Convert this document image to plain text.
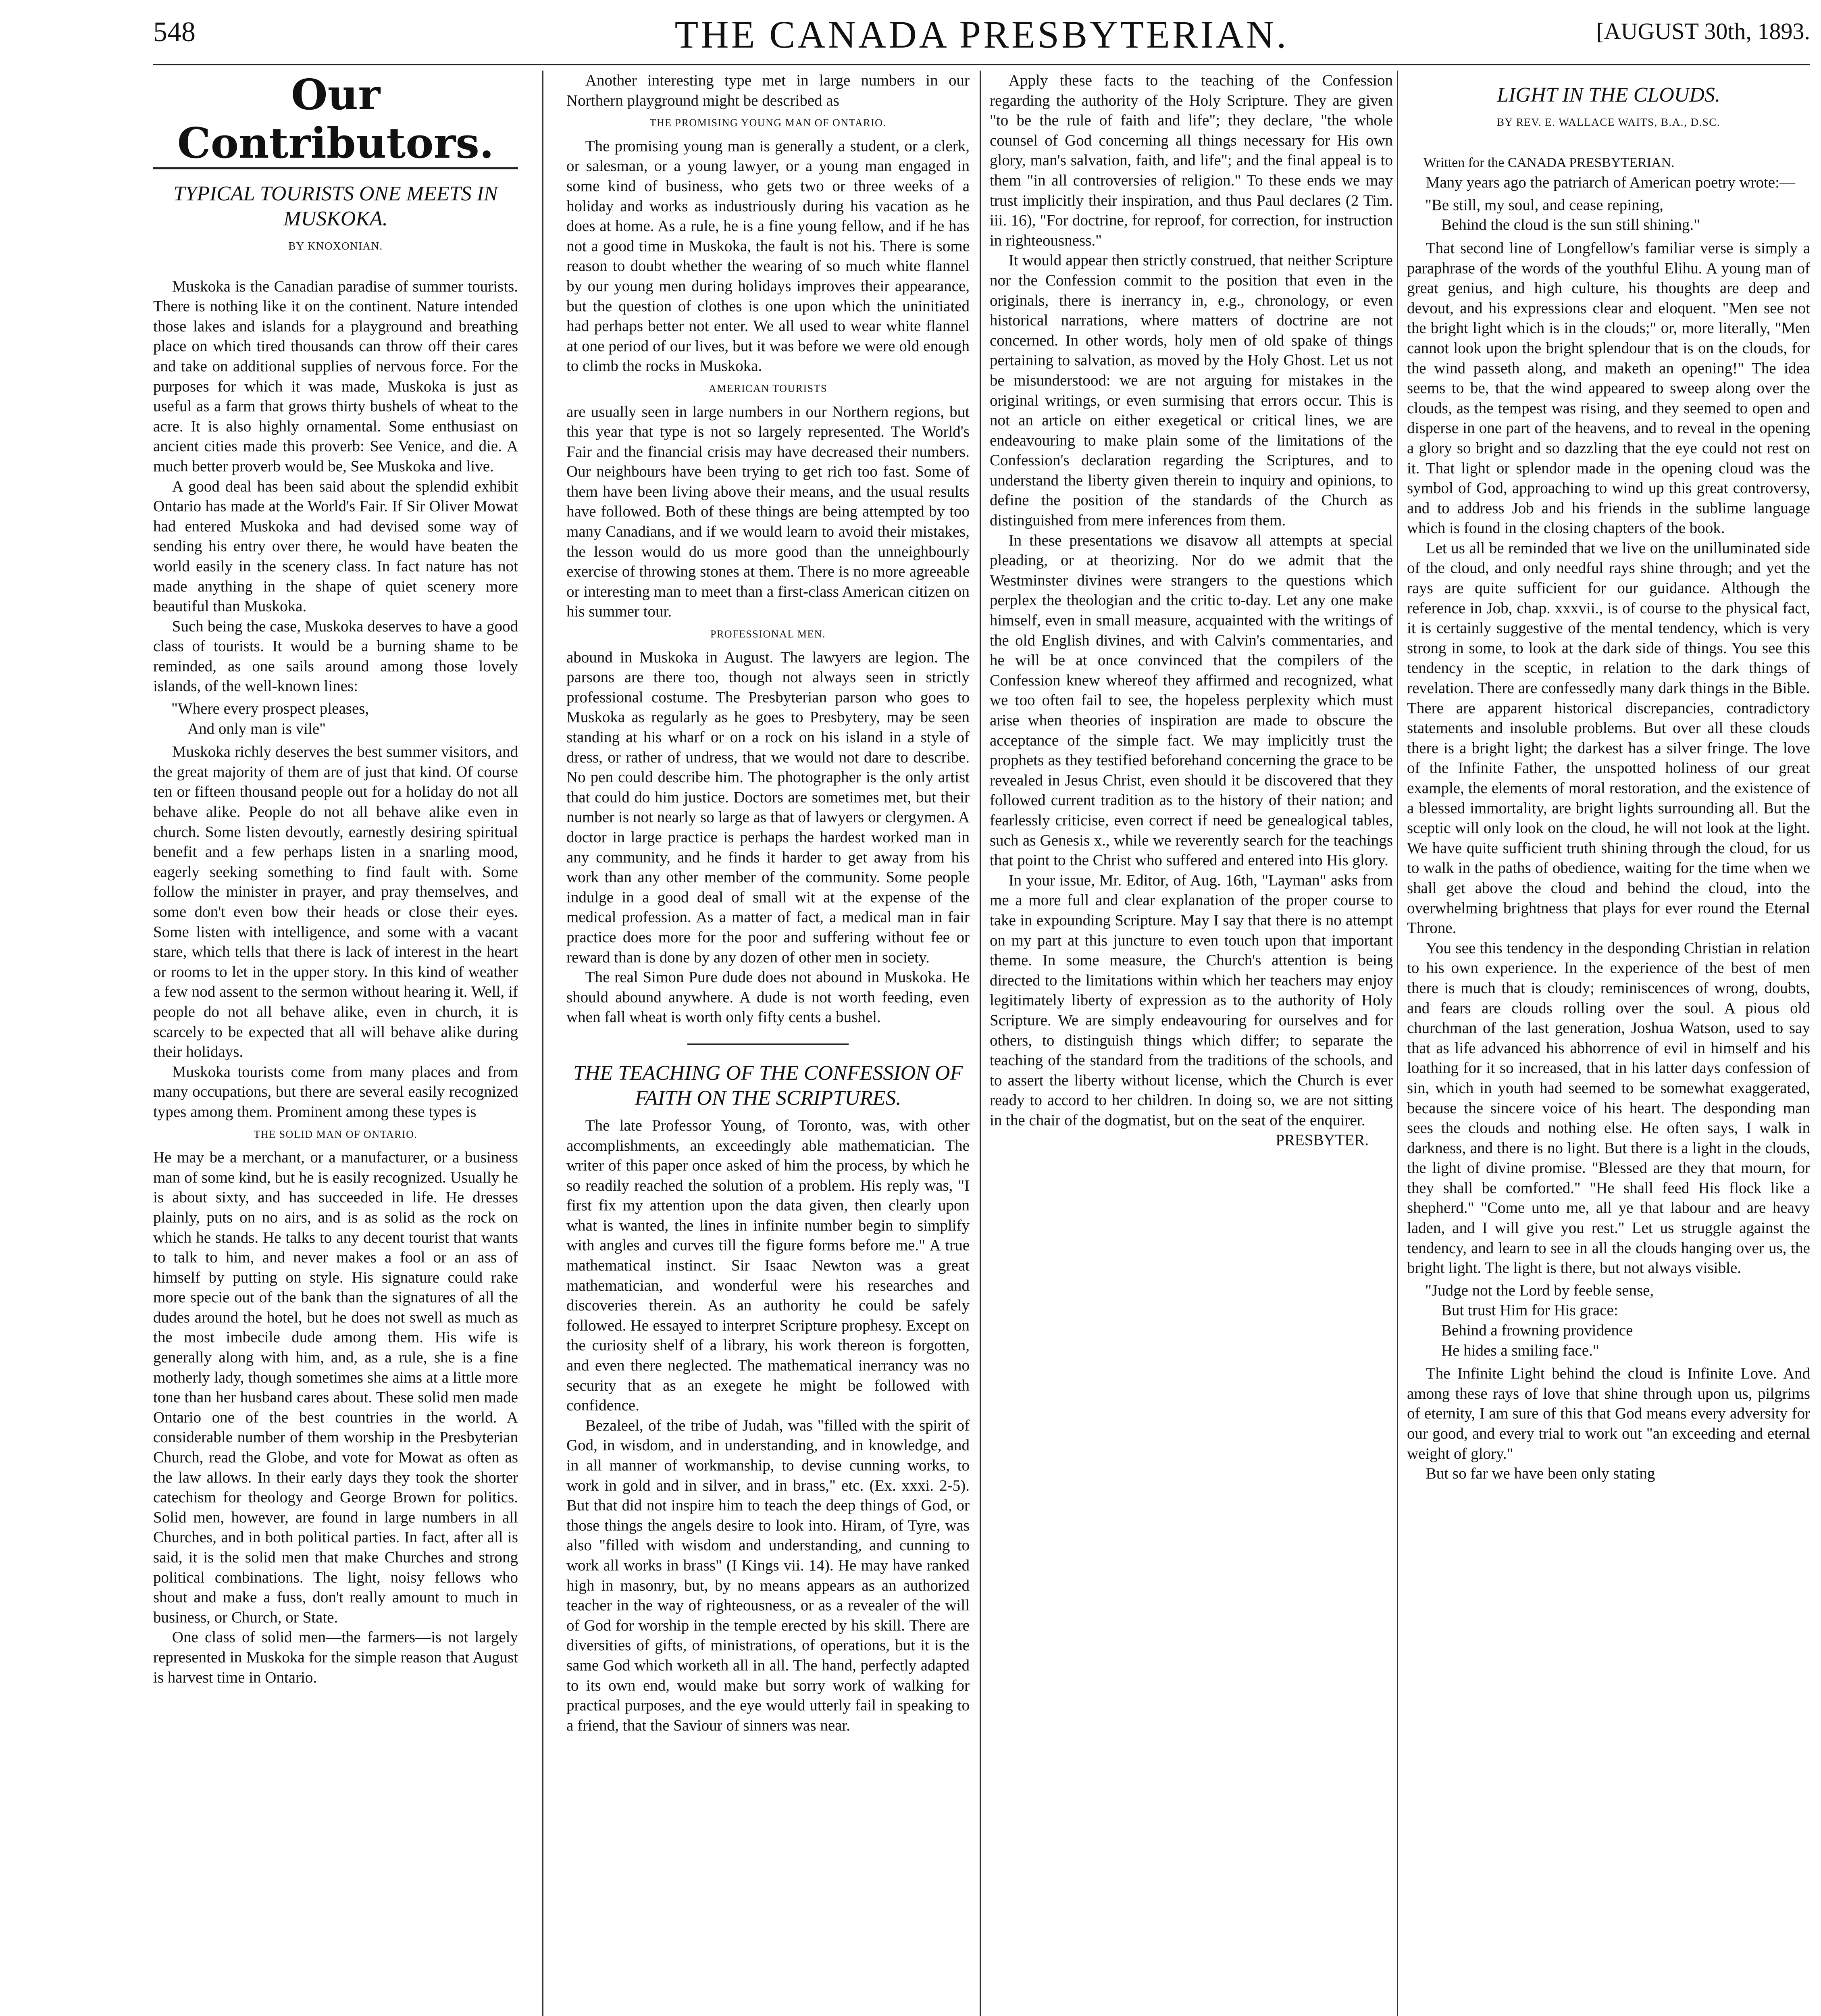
548	THE CANADA PRESBYTERIAN.	[AUGUST 30th, 1893.
Our Contributors.
TYPICAL TOURISTS ONE MEETS IN MUSKOKA.
BY KNOXONIAN.

Muskoka is the Canadian paradise of summer tourists. There is nothing like it on the continent. Nature intended those lakes and islands for a playground and breathing place on which tired thousands can throw off their cares and take on additional supplies of nervous force. For the purposes for which it was made, Muskoka is just as useful as a farm that grows thirty bushels of wheat to the acre. It is also highly ornamental. Some enthusiast on ancient cities made this proverb: See Venice, and die. A much better proverb would be, See Muskoka and live.

A good deal has been said about the splendid exhibit Ontario has made at the World's Fair. If Sir Oliver Mowat had entered Muskoka and had devised some way of sending his entry over there, he would have beaten the world easily in the scenery class. In fact nature has not made anything in the shape of quiet scenery more beautiful than Muskoka.

Such being the case, Muskoka deserves to have a good class of tourists. It would be a burning shame to be reminded, as one sails around among those lovely islands, of the well-known lines:

"Where every prospect pleases,
And only man is vile"

Muskoka richly deserves the best summer visitors, and the great majority of them are of just that kind. Of course ten or fifteen thousand people out for a holiday do not all behave alike. People do not all behave alike even in church. Some listen devoutly, earnestly desiring spiritual benefit and a few perhaps listen in a snarling mood, eagerly seeking something to find fault with. Some follow the minister in prayer, and pray themselves, and some don't even bow their heads or close their eyes. Some listen with intelligence, and some with a vacant stare, which tells that there is lack of interest in the heart or rooms to let in the upper story. In this kind of weather a few nod assent to the sermon without hearing it. Well, if people do not all behave alike, even in church, it is scarcely to be expected that all will behave alike during their holidays.

Muskoka tourists come from many places and from many occupations, but there are several easily recognized types among them. Prominent among these types is

THE SOLID MAN OF ONTARIO.

He may be a merchant, or a manufacturer, or a business man of some kind, but he is easily recognized. Usually he is about sixty, and has succeeded in life. He dresses plainly, puts on no airs, and is as solid as the rock on which he stands. He talks to any decent tourist that wants to talk to him, and never makes a fool or an ass of himself by putting on style. His signature could rake more specie out of the bank than the signatures of all the dudes around the hotel, but he does not swell as much as the most imbecile dude among them. His wife is generally along with him, and, as a rule, she is a fine motherly lady, though sometimes she aims at a little more tone than her husband cares about. These solid men made Ontario one of the best countries in the world. A considerable number of them worship in the Presbyterian Church, read the Globe, and vote for Mowat as often as the law allows. In their early days they took the shorter catechism for theology and George Brown for politics. Solid men, however, are found in large numbers in all Churches, and in both political parties. In fact, after all is said, it is the solid men that make Churches and strong political combinations. The light, noisy fellows who shout and make a fuss, don't really amount to much in business, or Church, or State.

One class of solid men—the farmers—is not largely represented in Muskoka for the simple reason that August is harvest time in Ontario.

Another interesting type met in large numbers in our Northern playground might be described as

THE PROMISING YOUNG MAN OF ONTARIO.

The promising young man is generally a student, or a clerk, or salesman, or a young lawyer, or a young man engaged in some kind of business, who gets two or three weeks of a holiday and works as industriously during his vacation as he does at home. As a rule, he is a fine young fellow, and if he has not a good time in Muskoka, the fault is not his. There is some reason to doubt whether the wearing of so much white flannel by our young men during holidays improves their appearance, but the question of clothes is one upon which the uninitiated had perhaps better not enter. We all used to wear white flannel at one period of our lives, but it was before we were old enough to climb the rocks in Muskoka.

AMERICAN TOURISTS

are usually seen in large numbers in our Northern regions, but this year that type is not so largely represented. The World's Fair and the financial crisis may have decreased their numbers. Our neighbours have been trying to get rich too fast. Some of them have been living above their means, and the usual results have followed. Both of these things are being attempted by too many Canadians, and if we would learn to avoid their mistakes, the lesson would do us more good than the unneighbourly exercise of throwing stones at them. There is no more agreeable or interesting man to meet than a first-class American citizen on his summer tour.

PROFESSIONAL MEN.

abound in Muskoka in August. The lawyers are legion. The parsons are there too, though not always seen in strictly professional costume. The Presbyterian parson who goes to Muskoka as regularly as he goes to Presbytery, may be seen standing at his wharf or on a rock on his island in a style of dress, or rather of undress, that we would not dare to describe. No pen could describe him. The photographer is the only artist that could do him justice. Doctors are sometimes met, but their number is not nearly so large as that of lawyers or clergymen. A doctor in large practice is perhaps the hardest worked man in any community, and he finds it harder to get away from his work than any other member of the community. Some people indulge in a good deal of small wit at the expense of the medical profession. As a matter of fact, a medical man in fair practice does more for the poor and suffering without fee or reward than is done by any dozen of other men in society.

The real Simon Pure dude does not abound in Muskoka. He should abound anywhere. A dude is not worth feeding, even when fall wheat is worth only fifty cents a bushel.

THE TEACHING OF THE CONFESSION OF FAITH ON THE SCRIPTURES.

The late Professor Young, of Toronto, was, with other accomplishments, an exceedingly able mathematician. The writer of this paper once asked of him the process, by which he so readily reached the solution of a problem. His reply was, "I first fix my attention upon the data given, then clearly upon what is wanted, the lines in infinite number begin to simplify with angles and curves till the figure forms before me." A true mathematical instinct. Sir Isaac Newton was a great mathematician, and wonderful were his researches and discoveries therein. As an authority he could be safely followed. He essayed to interpret Scripture prophesy. Except on the curiosity shelf of a library, his work thereon is forgotten, and even there neglected. The mathematical inerrancy was no security that as an exegete he might be followed with confidence.

Bezaleel, of the tribe of Judah, was "filled with the spirit of God, in wisdom, and in understanding, and in knowledge, and in all manner of workmanship, to devise cunning works, to work in gold and in silver, and in brass," etc. (Ex. xxxi. 2-5). But that did not inspire him to teach the deep things of God, or those things the angels desire to look into. Hiram, of Tyre, was also "filled with wisdom and understanding, and cunning to work all works in brass" (I Kings vii. 14). He may have ranked high in masonry, but, by no means appears as an authorized teacher in the way of righteousness, or as a revealer of the will of God for worship in the temple erected by his skill. There are diversities of gifts, of ministrations, of operations, but it is the same God which worketh all in all. The hand, perfectly adapted to its own end, would make but sorry work of walking for practical purposes, and the eye would utterly fail in speaking to a friend, that the Saviour of sinners was near.

Apply these facts to the teaching of the Confession regarding the authority of the Holy Scripture. They are given "to be the rule of faith and life"; they declare, "the whole counsel of God concerning all things necessary for His own glory, man's salvation, faith, and life"; and the final appeal is to them "in all controversies of religion." To these ends we may trust implicitly their inspiration, and thus Paul declares (2 Tim. iii. 16), "For doctrine, for reproof, for correction, for instruction in righteousness."

It would appear then strictly construed, that neither Scripture nor the Confession commit to the position that even in the originals, there is inerrancy in, e.g., chronology, or even historical narrations, where matters of doctrine are not concerned. In other words, holy men of old spake of things pertaining to salvation, as moved by the Holy Ghost. Let us not be misunderstood: we are not arguing for mistakes in the original writings, or even surmising that errors occur. This is not an article on either exegetical or critical lines, we are endeavouring to make plain some of the limitations of the Confession's declaration regarding the Scriptures, and to understand the liberty given therein to inquiry and opinions, to define the position of the standards of the Church as distinguished from mere inferences from them.

In these presentations we disavow all attempts at special pleading, or at theorizing. Nor do we admit that the Westminster divines were strangers to the questions which perplex the theologian and the critic to-day. Let any one make himself, even in small measure, acquainted with the writings of the old English divines, and with Calvin's commentaries, and he will be at once convinced that the compilers of the Confession knew whereof they affirmed and recognized, what we too often fail to see, the hopeless perplexity which must arise when theories of inspiration are made to obscure the acceptance of the simple fact. We may implicitly trust the prophets as they testified beforehand concerning the grace to be revealed in Jesus Christ, even should it be discovered that they followed current tradition as to the history of their nation; and fearlessly criticise, even correct if need be genealogical tables, such as Genesis x., while we reverently search for the teachings that point to the Christ who suffered and entered into His glory.

In your issue, Mr. Editor, of Aug. 16th, "Layman" asks from me a more full and clear explanation of the proper course to take in expounding Scripture. May I say that there is no attempt on my part at this juncture to even touch upon that important theme. In some measure, the Church's attention is being directed to the limitations within which her teachers may enjoy legitimately liberty of expression as to the authority of Holy Scripture. We are simply endeavouring for ourselves and for others, to distinguish things which differ; to separate the teaching of the standard from the traditions of the schools, and to assert the liberty without license, which the Church is ever ready to accord to her children. In doing so, we are not sitting in the chair of the dogmatist, but on the seat of the enquirer.

PRESBYTER.

LIGHT IN THE CLOUDS.
BY REV. E. WALLACE WAITS, B.A., D.SC.

Written for the CANADA PRESBYTERIAN.

Many years ago the patriarch of American poetry wrote:—

"Be still, my soul, and cease repining,
Behind the cloud is the sun still shining."

That second line of Longfellow's familiar verse is simply a paraphrase of the words of the youthful Elihu. A young man of great genius, and high culture, his thoughts are deep and devout, and his expressions clear and eloquent. "Men see not the bright light which is in the clouds;" or, more literally, "Men cannot look upon the bright splendour that is on the clouds, for the wind passeth along, and maketh an opening!" The idea seems to be, that the wind appeared to sweep along over the clouds, as the tempest was rising, and they seemed to open and disperse in one part of the heavens, and to reveal in the opening a glory so bright and so dazzling that the eye could not rest on it. That light or splendor made in the opening cloud was the symbol of God, approaching to wind up this great controversy, and to address Job and his friends in the sublime language which is found in the closing chapters of the book.

Let us all be reminded that we live on the unilluminated side of the cloud, and only needful rays shine through; and yet the rays are quite sufficient for our guidance. Although the reference in Job, chap. xxxvii., is of course to the physical fact, it is certainly suggestive of the mental tendency, which is very strong in some, to look at the dark side of things. You see this tendency in the sceptic, in relation to the dark things of revelation. There are confessedly many dark things in the Bible. There are apparent historical discrepancies, contradictory statements and insoluble problems. But over all these clouds there is a bright light; the darkest has a silver fringe. The love of the Infinite Father, the unspotted holiness of our great example, the elements of moral restoration, and the existence of a blessed immortality, are bright lights surrounding all. But the sceptic will only look on the cloud, he will not look at the light. We have quite sufficient truth shining through the cloud, for us to walk in the paths of obedience, waiting for the time when we shall get above the cloud and behind the cloud, into the overwhelming brightness that plays for ever round the Eternal Throne.

You see this tendency in the desponding Christian in relation to his own experience. In the experience of the best of men there is much that is cloudy; reminiscences of wrong, doubts, and fears are clouds rolling over the soul. A pious old churchman of the last generation, Joshua Watson, used to say that as life advanced his abhorrence of evil in himself and his loathing for it so increased, that in his latter days confession of sin, which in youth had seemed to be somewhat exaggerated, because the sincere voice of his heart. The desponding man sees the clouds and nothing else. He often says, I walk in darkness, and there is no light. But there is a light in the clouds, the light of divine promise. "Blessed are they that mourn, for they shall be comforted." "He shall feed His flock like a shepherd." "Come unto me, all ye that labour and are heavy laden, and I will give you rest." Let us struggle against the tendency, and learn to see in all the clouds hanging over us, the bright light. The light is there, but not always visible.

"Judge not the Lord by feeble sense,
But trust Him for His grace:
Behind a frowning providence
He hides a smiling face."

The Infinite Light behind the cloud is Infinite Love. And among these rays of love that shine through upon us, pilgrims of eternity, I am sure of this that God means every adversity for our good, and every trial to work out "an exceeding and eternal weight of glory."

But so far we have been only stating
